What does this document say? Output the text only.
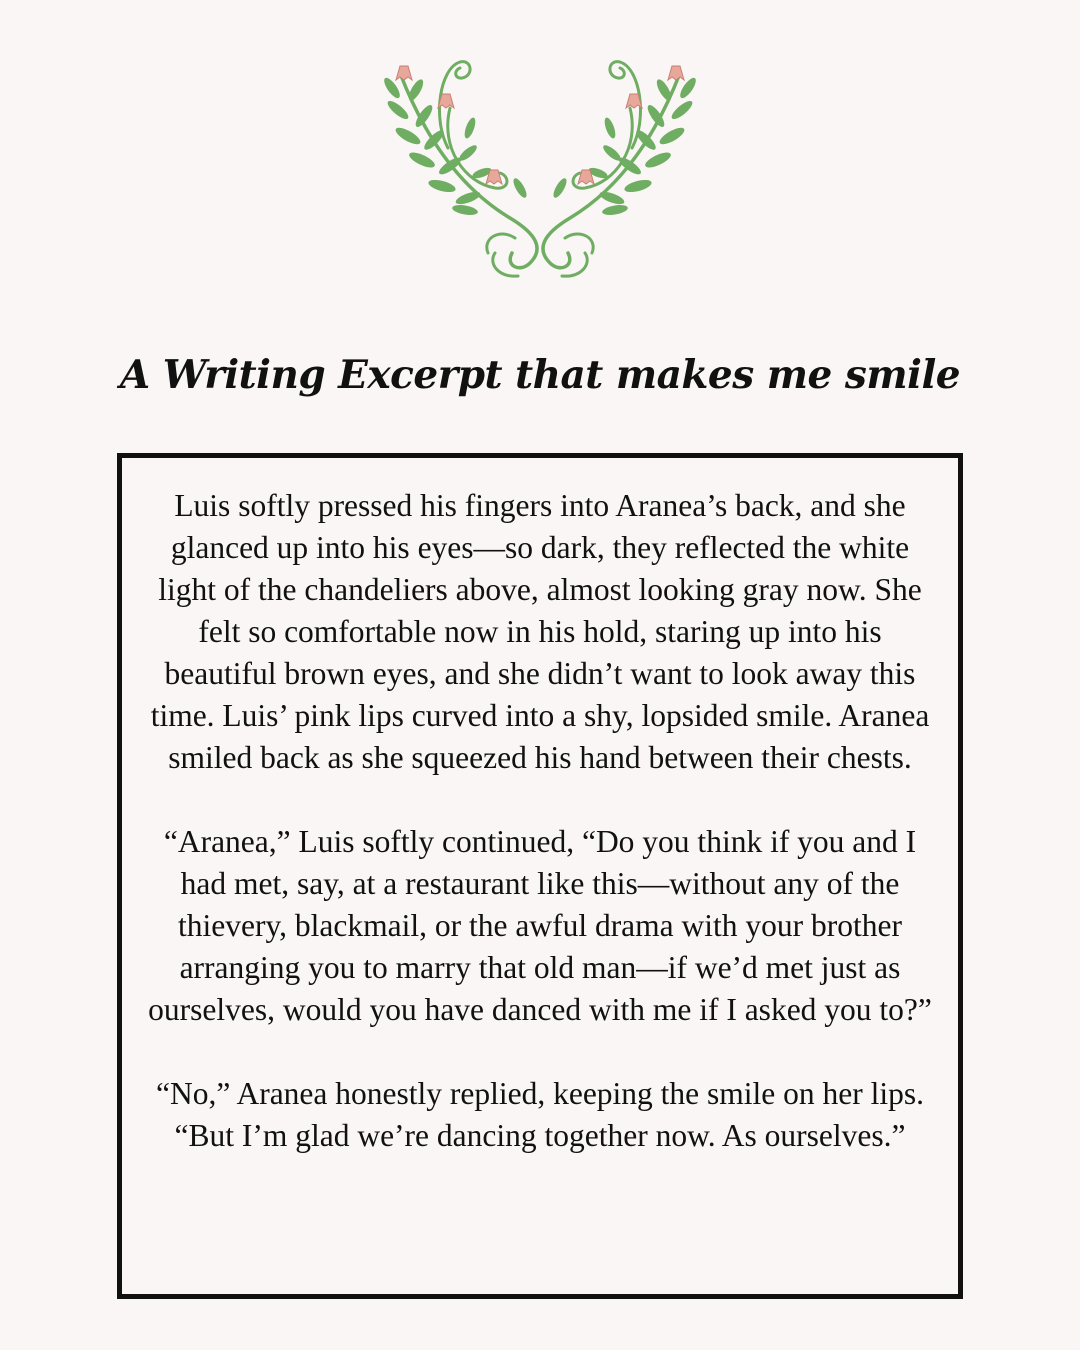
A Writing Excerpt that makes me smile

Luis softly pressed his fingers into Aranea’s back, and she glanced up into his eyes—so dark, they reflected the white light of the chandeliers above, almost looking gray now. She felt so comfortable now in his hold, staring up into his beautiful brown eyes, and she didn’t want to look away this time. Luis’ pink lips curved into a shy, lopsided smile. Aranea smiled back as she squeezed his hand between their chests.

“Aranea,” Luis softly continued, “Do you think if you and I had met, say, at a restaurant like this—without any of the thievery, blackmail, or the awful drama with your brother arranging you to marry that old man—if we’d met just as ourselves, would you have danced with me if I asked you to?”

“No,” Aranea honestly replied, keeping the smile on her lips. “But I’m glad we’re dancing together now. As ourselves.”
